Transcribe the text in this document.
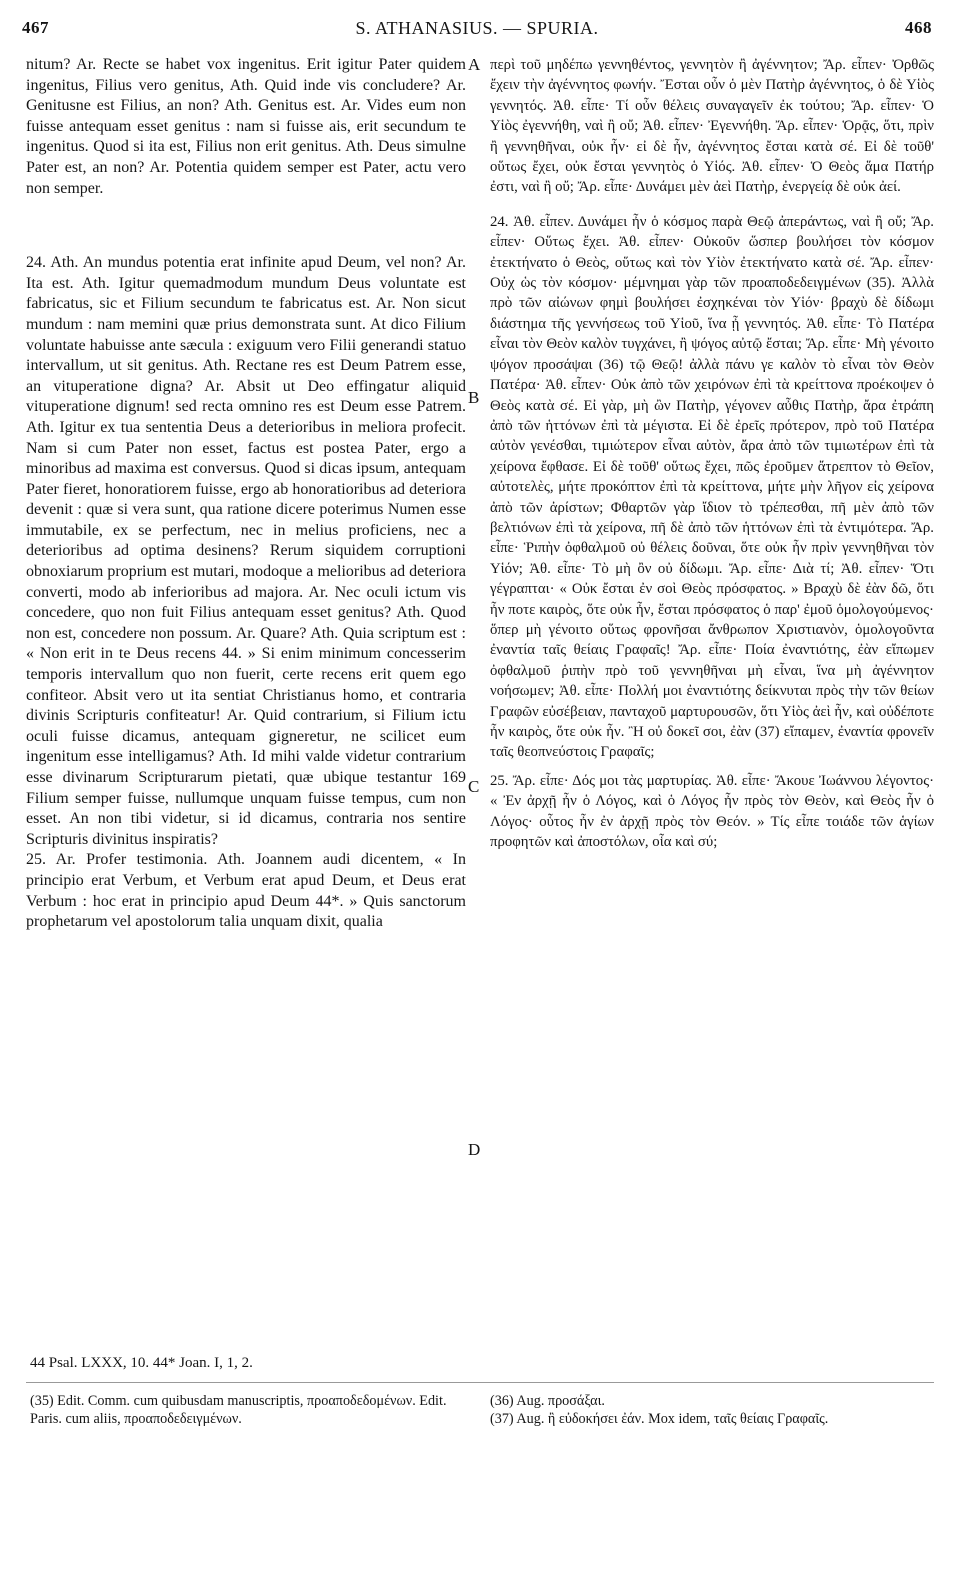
467	S. ATHANASIUS. — SPURIA.	468

nitum? Ar. Recte se habet vox ingenitus. Erit igitur Pater quidem ingenitus, Filius vero genitus, Ath. Quid inde vis concludere? Ar. Genitusne est Filius, an non? Ath. Genitus est. Ar. Vides eum non fuisse antequam esset genitus : nam si fuisse ais, erit secundum te ingenitus. Quod si ita est, Filius non erit genitus. Ath. Deus simulne Pater est, an non? Ar. Potentia quidem semper est Pater, actu vero non semper.

24. Ath. An mundus potentia erat infinite apud Deum, vel non? Ar. Ita est. Ath. Igitur quemadmodum mundum Deus voluntate est fabricatus, sic et Filium secundum te fabricatus est. Ar. Non sicut mundum : nam memini quæ prius demonstrata sunt. At dico Filium voluntate habuisse ante sæcula : exiguum vero Filii generandi statuo intervallum, ut sit genitus. Ath. Rectane res est Deum Patrem esse, an vituperatione digna? Ar. Absit ut Deo effingatur aliquid vituperatione dignum! sed recta omnino res est Deum esse Patrem. Ath. Igitur ex tua sententia Deus a deterioribus in meliora profecit. Nam si cum Pater non esset, factus est postea Pater, ergo a minoribus ad maxima est conversus. Quod si dicas ipsum, antequam Pater fieret, honoratiorem fuisse, ergo ab honoratioribus ad deteriora devenit : quæ si vera sunt, qua ratione dicere poterimus Numen esse immutabile, ex se perfectum, nec in melius proficiens, nec a deterioribus ad optima desinens? Rerum siquidem corruptioni obnoxiarum proprium est mutari, modoque a melioribus ad deteriora converti, modo ab inferioribus ad majora. Ar. Nec oculi ictum vis concedere, quo non fuit Filius antequam esset genitus? Ath. Quod non est, concedere non possum. Ar. Quare? Ath. Quia scriptum est : « Non erit in te Deus recens 44. » Si enim minimum concesserim temporis intervallum quo non fuerit, certe recens erit quem ego confiteor. Absit vero ut ita sentiat Christianus homo, et contraria divinis Scripturis confiteatur! Ar. Quid contrarium, si Filium ictu oculi fuisse dicamus, antequam gigneretur, ne scilicet eum ingenitum esse intelligamus? Ath. Id mihi valde videtur contrarium esse divinarum Scripturarum pietati, quæ ubique testantur 169 Filium semper fuisse, nullumque unquam fuisse tempus, cum non esset. An non tibi videtur, si id dicamus, contraria nos sentire Scripturis divinitus inspiratis?

25. Ar. Profer testimonia. Ath. Joannem audi dicentem, « In principio erat Verbum, et Verbum erat apud Deum, et Deus erat Verbum : hoc erat in principio apud Deum 44*. » Quis sanctorum prophetarum vel apostolorum talia unquam dixit, qualia

A
B
C
D

περὶ τοῦ μηδέπω γεννηθέντος, γεννητὸν ἢ ἀγέννητον; Ἄρ. εἶπεν· Ὀρθῶς ἔχειν τὴν ἀγέννητος φωνήν. Ἔσται οὖν ὁ μὲν Πατὴρ ἀγέννητος, ὁ δὲ Υἱὸς γεννητός. Ἀθ. εἶπε· Τί οὖν θέλεις συναγαγεῖν ἐκ τούτου; Ἄρ. εἶπεν· Ὁ Υἱὸς ἐγεννήθη, ναὶ ἢ οὔ; Ἀθ. εἶπεν· Ἐγεννήθη. Ἄρ. εἶπεν· Ὁρᾷς, ὅτι, πρὶν ἢ γεννηθῆναι, οὐκ ἦν· εἰ δὲ ἦν, ἀγέννητος ἔσται κατὰ σέ. Εἰ δὲ τοῦθ' οὕτως ἔχει, οὐκ ἔσται γεννητὸς ὁ Υἱός. Ἀθ. εἶπεν· Ὁ Θεὸς ἅμα Πατήρ ἐστι, ναὶ ἢ οὔ; Ἄρ. εἶπε· Δυνάμει μὲν ἀεὶ Πατὴρ, ἐνεργείᾳ δὲ οὐκ ἀεί.

24. Ἀθ. εἶπεν. Δυνάμει ἦν ὁ κόσμος παρὰ Θεῷ ἀπεράντως, ναὶ ἢ οὔ; Ἄρ. εἶπεν· Οὕτως ἔχει. Ἀθ. εἶπεν· Οὐκοῦν ὥσπερ βουλήσει τὸν κόσμον ἐτεκτήνατο ὁ Θεὸς, οὕτως καὶ τὸν Υἱὸν ἐτεκτήνατο κατὰ σέ. Ἄρ. εἶπεν· Οὐχ ὡς τὸν κόσμον· μέμνημαι γὰρ τῶν προαποδεδειγμένων (35). Ἀλλὰ πρὸ τῶν αἰώνων φημὶ βουλήσει ἐσχηκέναι τὸν Υἱόν· βραχὺ δὲ δίδωμι διάστημα τῆς γεννήσεως τοῦ Υἱοῦ, ἵνα ᾖ γεννητός. Ἀθ. εἶπε· Τὸ Πατέρα εἶναι τὸν Θεὸν καλὸν τυγχάνει, ἢ ψόγος αὐτῷ ἔσται; Ἄρ. εἶπε· Μὴ γένοιτο ψόγον προσάψαι (36) τῷ Θεῷ! ἀλλὰ πάνυ γε καλὸν τὸ εἶναι τὸν Θεὸν Πατέρα· Ἀθ. εἶπεν· Οὐκ ἀπὸ τῶν χειρόνων ἐπὶ τὰ κρείττονα προέκοψεν ὁ Θεὸς κατὰ σέ. Εἰ γὰρ, μὴ ὢν Πατὴρ, γέγονεν αὖθις Πατὴρ, ἄρα ἐτράπη ἀπὸ τῶν ἡττόνων ἐπὶ τὰ μέγιστα. Εἰ δὲ ἐρεῖς πρότερον, πρὸ τοῦ Πατέρα αὐτὸν γενέσθαι, τιμιώτερον εἶναι αὐτὸν, ἄρα ἀπὸ τῶν τιμιωτέρων ἐπὶ τὰ χείρονα ἔφθασε. Εἰ δὲ τοῦθ' οὕτως ἔχει, πῶς ἐροῦμεν ἄτρεπτον τὸ Θεῖον, αὐτοτελὲς, μήτε προκόπτον ἐπὶ τὰ κρείττονα, μήτε μὴν λῆγον εἰς χείρονα ἀπὸ τῶν ἀρίστων; Φθαρτῶν γὰρ ἴδιον τὸ τρέπεσθαι, πῆ μὲν ἀπὸ τῶν βελτιόνων ἐπὶ τὰ χείρονα, πῆ δὲ ἀπὸ τῶν ἡττόνων ἐπὶ τὰ ἐντιμότερα. Ἄρ. εἶπε· Ῥιπὴν ὀφθαλμοῦ οὐ θέλεις δοῦναι, ὅτε οὐκ ἦν πρὶν γεννηθῆναι τὸν Υἱόν; Ἀθ. εἶπε· Τὸ μὴ ὂν οὐ δίδωμι. Ἄρ. εἶπε· Διὰ τί; Ἀθ. εἶπεν· Ὅτι γέγραπται· « Οὐκ ἔσται ἐν σοὶ Θεὸς πρόσφατος. » Βραχὺ δὲ ἐὰν δῶ, ὅτι ἦν ποτε καιρὸς, ὅτε οὐκ ἦν, ἔσται πρόσφατος ὁ παρ' ἐμοῦ ὁμολογούμενος· ὅπερ μὴ γένοιτο οὕτως φρονῆσαι ἄνθρωπον Χριστιανὸν, ὁμολογοῦντα ἐναντία ταῖς θείαις Γραφαῖς! Ἄρ. εἶπε· Ποία ἐναντιότης, ἐὰν εἴπωμεν ὀφθαλμοῦ ῥιπὴν πρὸ τοῦ γεννηθῆναι μὴ εἶναι, ἵνα μὴ ἀγέννητον νοήσωμεν; Ἀθ. εἶπε· Πολλή μοι ἐναντιότης δείκνυται πρὸς τὴν τῶν θείων Γραφῶν εὐσέβειαν, πανταχοῦ μαρτυρουσῶν, ὅτι Υἱὸς ἀεὶ ἦν, καὶ οὐδέποτε ἦν καιρὸς, ὅτε οὐκ ἦν. Ἢ οὐ δοκεῖ σοι, ἐὰν (37) εἴπαμεν, ἐναντία φρονεῖν ταῖς θεοπνεύστοις Γραφαῖς;

25. Ἄρ. εἶπε· Δός μοι τὰς μαρτυρίας. Ἀθ. εἶπε· Ἄκουε Ἰωάννου λέγοντος· « Ἐν ἀρχῇ ἦν ὁ Λόγος, καὶ ὁ Λόγος ἦν πρὸς τὸν Θεὸν, καὶ Θεὸς ἦν ὁ Λόγος· οὗτος ἦν ἐν ἀρχῇ πρὸς τὸν Θεόν. » Τίς εἶπε τοιάδε τῶν ἁγίων προφητῶν καὶ ἀποστόλων, οἷα καὶ σύ;

44 Psal. LXXX, 10. 44* Joan. I, 1, 2.

(35) Edit. Comm. cum quibusdam manuscriptis, προαποδεδομένων. Edit. Paris. cum aliis, προαποδεδειγμένων.

(36) Aug. προσάξαι.

(37) Aug. ἢ εὐδοκήσει ἐάν. Mox idem, ταῖς θείαις Γραφαῖς.
